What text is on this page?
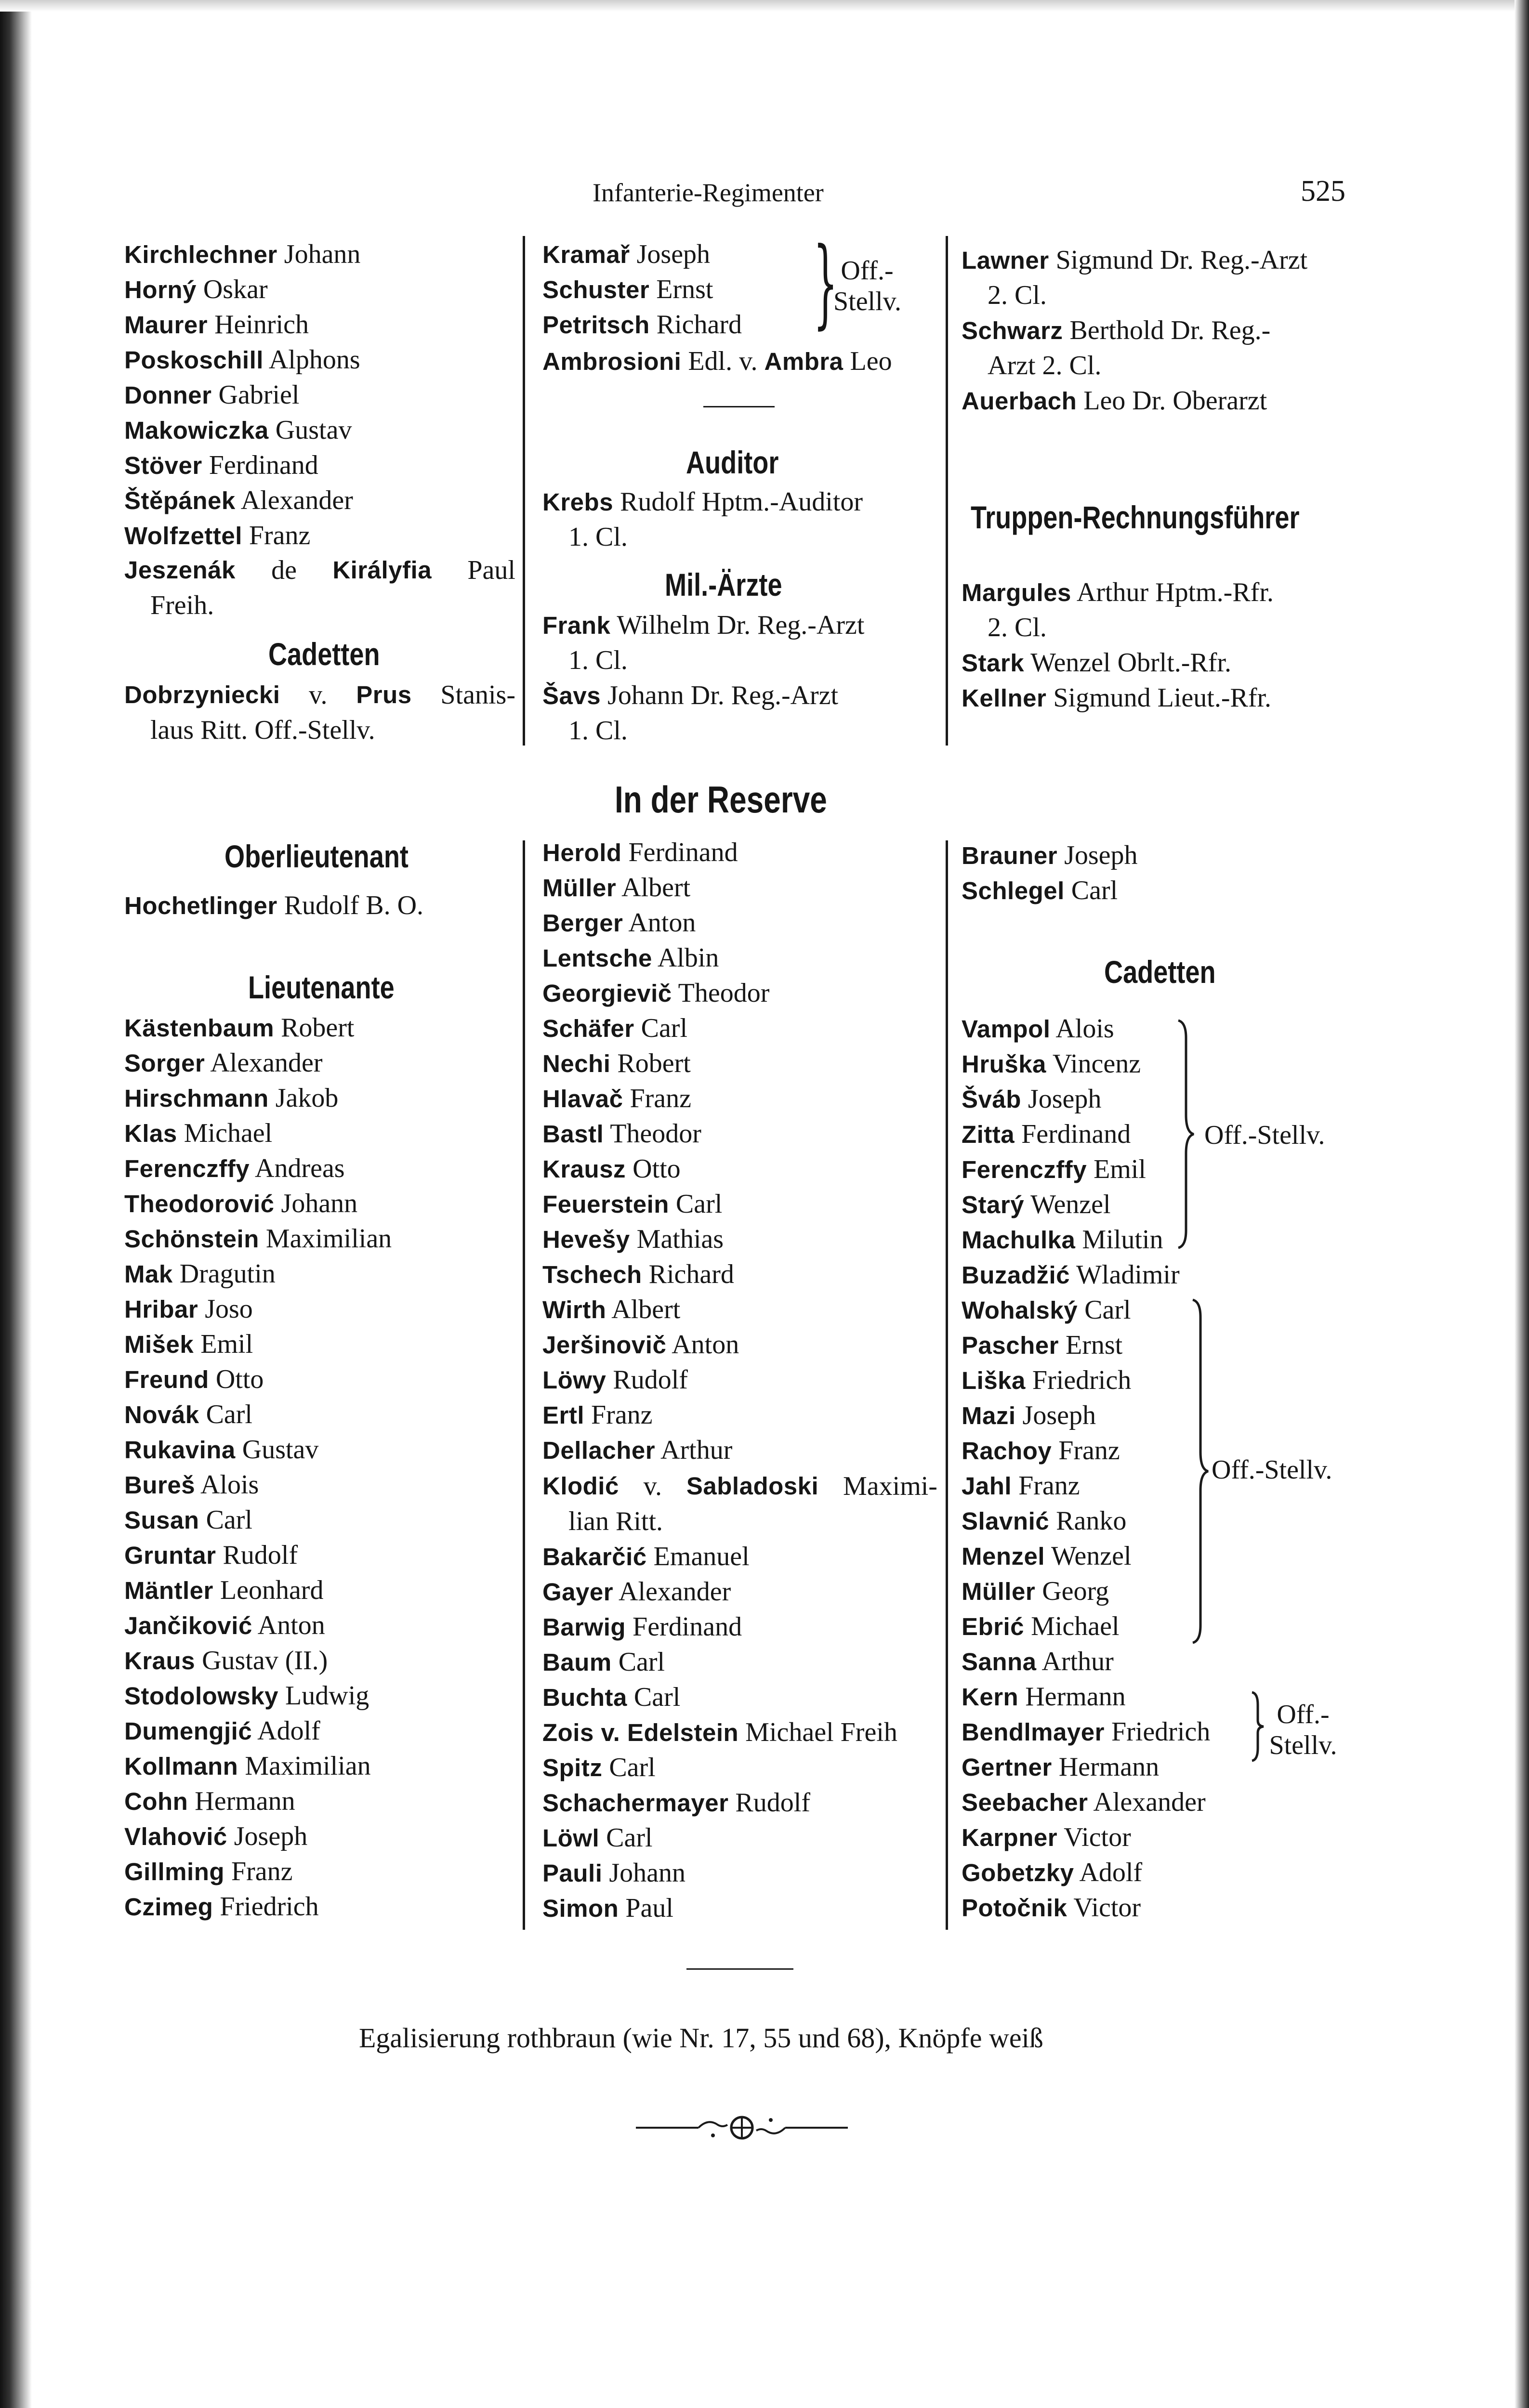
Infanterie-Regimenter	525
Kirchlechner Johann
Horný Oskar
Maurer Heinrich
Poskoschill Alphons
Donner Gabriel
Makowiczka Gustav
Stöver Ferdinand
Štěpánek Alexander
Wolfzettel Franz
Jeszenák de Királyfia Paul
Freih.
Cadetten
Dobrzyniecki v. Prus Stanis-
laus Ritt. Off.-Stellv.
Oberlieutenant
Hochetlinger Rudolf B. O.
Lieutenante
Kästenbaum Robert
Sorger Alexander
Hirschmann Jakob
Klas Michael
Ferenczffy Andreas
Theodorović Johann
Schönstein Maximilian
Mak Dragutin
Hribar Joso
Mišek Emil
Freund Otto
Novák Carl
Rukavina Gustav
Bureš Alois
Susan Carl
Gruntar Rudolf
Mäntler Leonhard
Jančiković Anton
Kraus Gustav (II.)
Stodolowsky Ludwig
Dumengjić Adolf
Kollmann Maximilian
Cohn Hermann
Vlahović Joseph
Gillming Franz
Czimeg Friedrich
Kramař Joseph
Schuster Ernst
Petritsch Richard } Off.-
Stellv.
Ambrosioni Edl. v. Ambra Leo
Auditor
Krebs Rudolf Hptm.-Auditor
1. Cl.
Mil.-Ärzte
Frank Wilhelm Dr. Reg.-Arzt
1. Cl.
Šavs Johann Dr. Reg.-Arzt
1. Cl.
Lawner Sigmund Dr. Reg.-Arzt
2. Cl.
Schwarz Berthold Dr. Reg.-
Arzt 2. Cl.
Auerbach Leo Dr. Oberarzt
Truppen-Rechnungsführer
Margules Arthur Hptm.-Rfr.
2. Cl.
Stark Wenzel Obrlt.-Rfr.
Kellner Sigmund Lieut.-Rfr.
In der Reserve
Herold Ferdinand
Müller Albert
Berger Anton
Lentsche Albin
Georgievič Theodor
Schäfer Carl
Nechi Robert
Hlavač Franz
Bastl Theodor
Krausz Otto
Feuerstein Carl
Hevešy Mathias
Tschech Richard
Wirth Albert
Jeršinovič Anton
Löwy Rudolf
Ertl Franz
Dellacher Arthur
Klodić v. Sabladoski Maximi-
lian Ritt.
Bakarčić Emanuel
Gayer Alexander
Barwig Ferdinand
Baum Carl
Buchta Carl
Zois v. Edelstein Michael Freih
Spitz Carl
Schachermayer Rudolf
Löwl Carl
Pauli Johann
Simon Paul
Brauner Joseph
Schlegel Carl
Cadetten
Vampol Alois
Hruška Vincenz
Šváb Joseph
Zitta Ferdinand
Ferenczffy Emil
Starý Wenzel
Machulka Milutin
Buzadžić Wladimir
Wohalský Carl
Pascher Ernst
Liška Friedrich
Mazi Joseph
Rachoy Franz
Jahl Franz
Slavnić Ranko
Menzel Wenzel
Müller Georg
Ebrić Michael
Sanna Arthur
Kern Hermann
Bendlmayer Friedrich
Gertner Hermann
Seebacher Alexander
Karpner Victor
Gobetzky Adolf
Potočnik Victor
Off.-Stellv.
Off.-Stellv.
Off.-
Stellv.
Egalisierung rothbraun (wie Nr. 17, 55 und 68), Knöpfe weiß
